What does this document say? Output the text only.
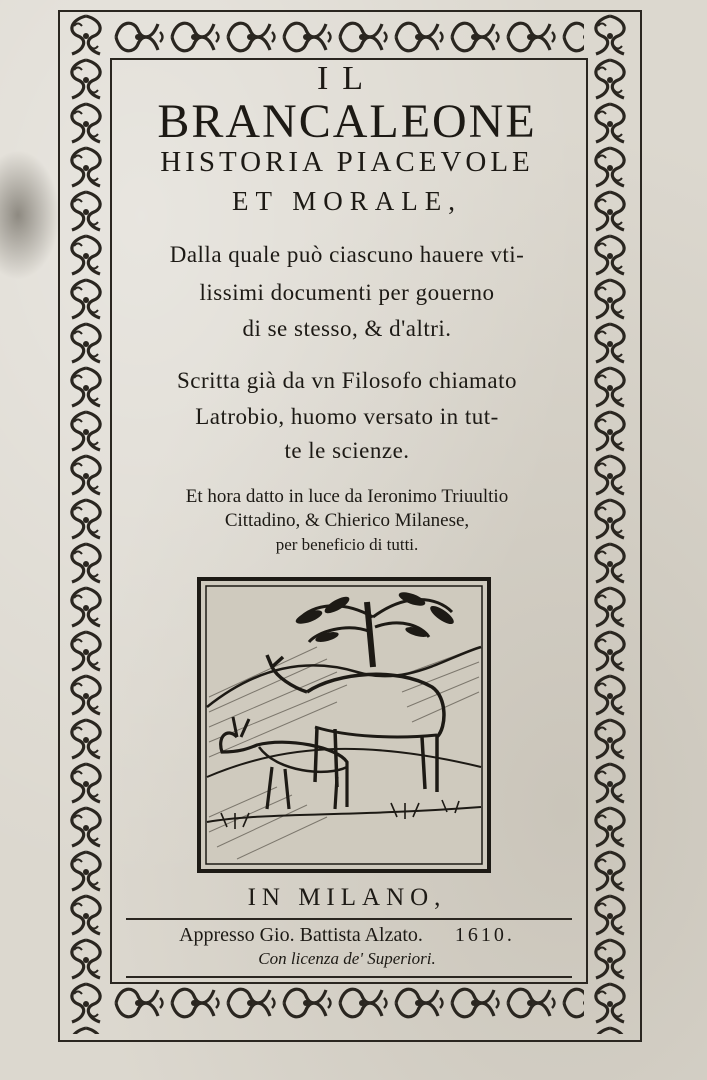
IL
BRANCALEONE
HISTORIA PIACEVOLE
ET MORALE,
Dalla quale può ciascuno hauere vti-
lissimi documenti per gouerno
di se stesso, & d'altri.
Scritta già da vn Filosofo chiamato
Latrobio, huomo versato in tut-
te le scienze.
Et hora datto in luce da Ieronimo Triuultio
Cittadino, & Chierico Milanese,
per beneficio di tutti.
IN MILANO,
Appresso Gio. Battista Alzato. 1610.
Con licenza de' Superiori.
